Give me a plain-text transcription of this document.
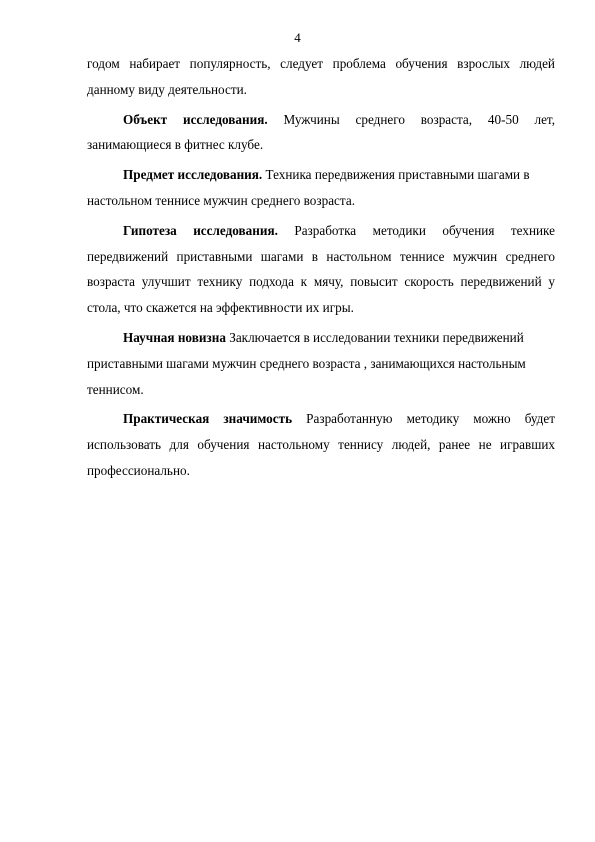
4

годом набирает популярность, следует проблема обучения взрослых людей данному виду деятельности.

Объект исследования. Мужчины среднего возраста, 40-50 лет, занимающиеся в фитнес клубе.

Предмет исследования. Техника передвижения приставными шагами в настольном теннисе мужчин среднего возраста.

Гипотеза исследования. Разработка методики обучения технике передвижений приставными шагами в настольном теннисе мужчин среднего возраста улучшит технику подхода к мячу, повысит скорость передвижений у стола, что скажется на эффективности их игры.

Научная новизна Заключается в исследовании техники передвижений приставными шагами мужчин среднего возраста , занимающихся настольным теннисом.

Практическая значимость Разработанную методику можно будет использовать для обучения настольному теннису людей, ранее не игравших профессионально.
